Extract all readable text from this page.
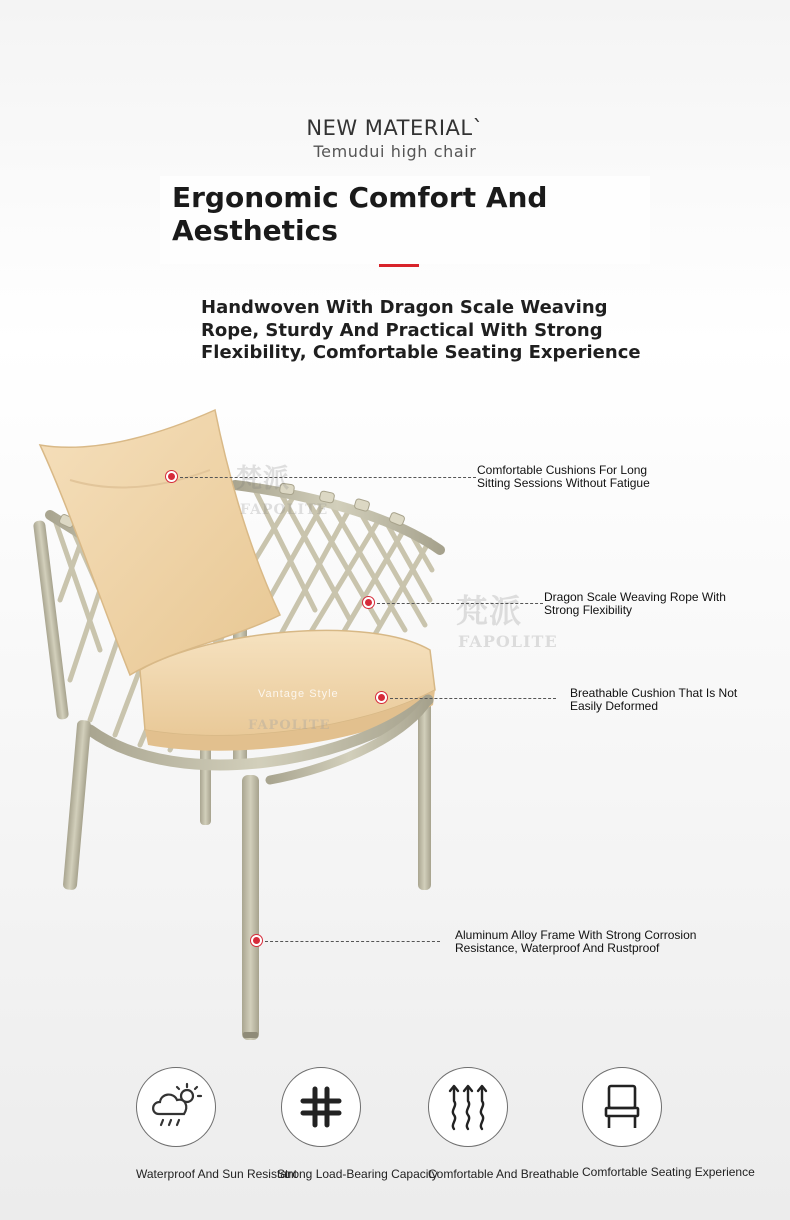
NEW MATERIAL`
Temudui high chair
Ergonomic Comfort And
Aesthetics
Handwoven With Dragon Scale Weaving
Rope, Sturdy And Practical With Strong
Flexibility, Comfortable Seating Experience
梵派
FAPOLITE
梵派
FAPOLITE
Vantage Style
FAPOLITE
Comfortable Cushions For Long
Sitting Sessions Without Fatigue
Dragon Scale Weaving Rope With
Strong Flexibility
Breathable Cushion That Is Not
Easily Deformed
Aluminum Alloy Frame With Strong Corrosion
Resistance, Waterproof And Rustproof
Waterproof And Sun Resistant
Strong Load-Bearing Capacity
Comfortable And Breathable Comfortable Seating Experience
